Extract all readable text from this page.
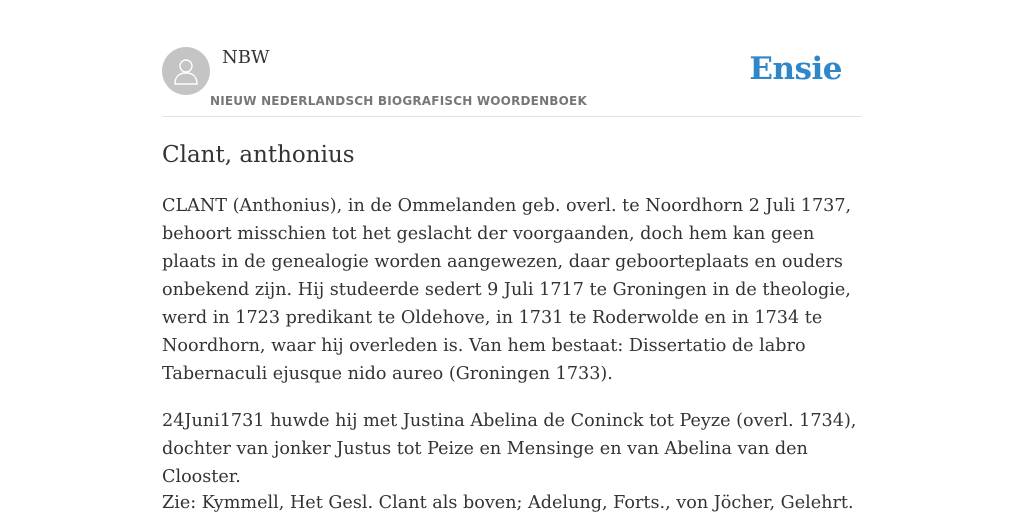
NBW
NIEUW NEDERLANDSCH BIOGRAFISCH WOORDENBOEK
Ensie
Clant, anthonius

CLANT (Anthonius), in de Ommelanden geb. overl. te Noordhorn 2 Juli 1737, behoort misschien tot het geslacht der voorgaanden, doch hem kan geen plaats in de genealogie worden aangewezen, daar geboorteplaats en ouders onbekend zijn. Hij studeerde sedert 9 Juli 1717 te Groningen in de theologie, werd in 1723 predikant te Oldehove, in 1731 te Roderwolde en in 1734 te Noordhorn, waar hij overleden is. Van hem bestaat: Dissertatio de labro Tabernaculi ejusque nido aureo (Groningen 1733).

24Juni1731 huwde hij met Justina Abelina de Coninck tot Peyze (overl. 1734), dochter van jonker Justus tot Peize en Mensinge en van Abelina van den Clooster.

Zie: Kymmell, Het Gesl. Clant als boven; Adelung, Forts., von Jöcher, Gelehrt.
